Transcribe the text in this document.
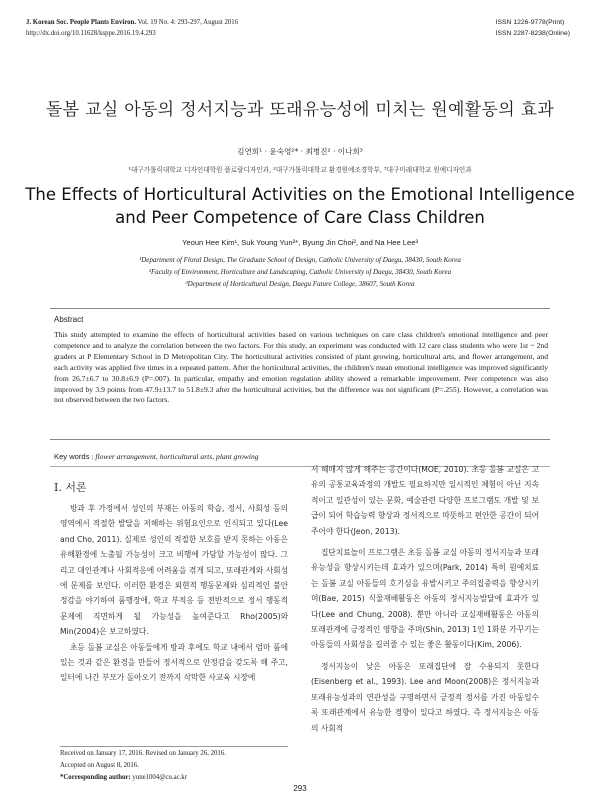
J. Korean Soc. People Plants Environ. Vol. 19 No. 4: 293-297, August 2016
http://dx.doi.org/10.11628/ksppe.2016.19.4.293
ISSN 1226-9778(Print)
ISSN 2287-8238(Online)
돌봄 교실 아동의 정서지능과 또래유능성에 미치는 원예활동의 효과
김연희¹ · 윤숙영²* · 최병진² · 이나희³
¹대구가톨릭대학교 디자인대학원 플로랄디자인과, ²대구가톨릭대학교 환경원예조경학부, ³대구미래대학교 원예디자인과
The Effects of Horticultural Activities on the Emotional Intelligence
and Peer Competence of Care Class Children
Yeoun Hee Kim¹, Suk Young Yun²*, Byung Jin Choi², and Na Hee Lee³
¹Department of Floral Design, The Graduate School of Design, Catholic University of Daegu, 38430, South Korea
²Faculty of Environment, Horticulture and Landscaping, Catholic University of Daegu, 38430, South Korea
³Department of Horticultural Design, Daegu Future College, 38607, South Korea
Abstract
This study attempted to examine the effects of horticultural activities based on various techniques on care class children's emotional intelligence and peer competence and to analyze the correlation between the two factors. For this study, an experiment was conducted with 12 care class students who were 1st ~ 2nd graders at P Elementary School in D Metropolitan City. The horticultural activities consisted of plant growing, horticultural arts, and flower arrangement, and each activity was applied five times in a repeated pattern. After the horticultural activities, the children's mean emotional intelligence was improved significantly from 26.7±6.7 to 30.8±6.9 (P=.007). In particular, empathy and emotion regulation ability showed a remarkable improvement. Peer competence was also improved by 3.9 points from 47.9±13.7 to 51.8±9.3 after the horticultural activities, but the difference was not significant (P=.255). However, a correlation was not observed between the two factors.
Key words : flower arrangement, horticultural arts, plant growing
Ⅰ. 서론

방과 후 가정에서 성인의 부재는 아동의 학습, 정서, 사회성 등의 영역에서 적절한 발달을 저해하는 위험요인으로 인식되고 있다(Lee and Cho, 2011). 실제로 성인의 적절한 보호를 받지 못하는 아동은 유해환경에 노출될 가능성이 크고 비행에 가담할 가능성이 많다. 그리고 대인관계나 사회적응에 어려움을 겪게 되고, 또래관계와 사회성에 문제를 보인다. 이러한 환경은 외현적 행동문제와 심리적인 불안정감을 야기하여 품행장애, 학교 부적응 등 전반적으로 정서 행동적 문제에 직면하게 될 가능성을 높여준다고 Rho(2005)와 Min(2004)은 보고하였다.

초등 돌봄 교실은 아동들에게 방과 후에도 학교 내에서 엄마 품에 있는 것과 같은 환경을 만들어 정서적으로 안정감을 갖도록 해 주고, 일터에 나간 부모가 돌아오기 전까지 삭막한 사교육 시장에

서 헤매지 않게 해주는 공간이다(MOE, 2010). 초등 돌봄 교실은 고유의 공통교육과정의 개발도 필요하지만 일시적인 체험이 아닌 지속적이고 일관성이 있는 문화, 예술관련 다양한 프로그램도 개발 및 보급이 되어 학습능력 향상과 정서적으로 따뜻하고 편안한 공간이 되어 주어야 한다(Jeon, 2013).

집단치료놀이 프로그램은 초등 돌봄 교실 아동의 정서지능과 또래 유능성을 향상시키는데 효과가 있으며(Park, 2014) 특히 원예치료는 돌봄 교실 아동들의 호기심을 유발시키고 주의집중력을 향상시키며(Bae, 2015) 식물재배활동은 아동의 정서지능발달에 효과가 있다(Lee and Chung, 2008). 뿐만 아니라 교실재배활동은 아동의 또래관계에 긍정적인 영향을 주며(Shin, 2013) 1인 1화분 가꾸기는 아동들의 사회성을 길러줄 수 있는 좋은 활동이다(Kim, 2006).

정서지능이 낮은 아동은 또래집단에 잘 수용되지 못한다(Eisenberg et al., 1993). Lee and Moon(2008)은 정서지능과 또래유능성과의 연관성을 구명하면서 긍정적 정서를 가진 아동일수록 또래관계에서 유능한 경향이 있다고 하였다. 즉 정서지능은 아동의 사회적

Received on January 17, 2016. Revised on January 26, 2016.
Accepted on August 8, 2016.
*Corresponding author: yune1004@cu.ac.kr
293
